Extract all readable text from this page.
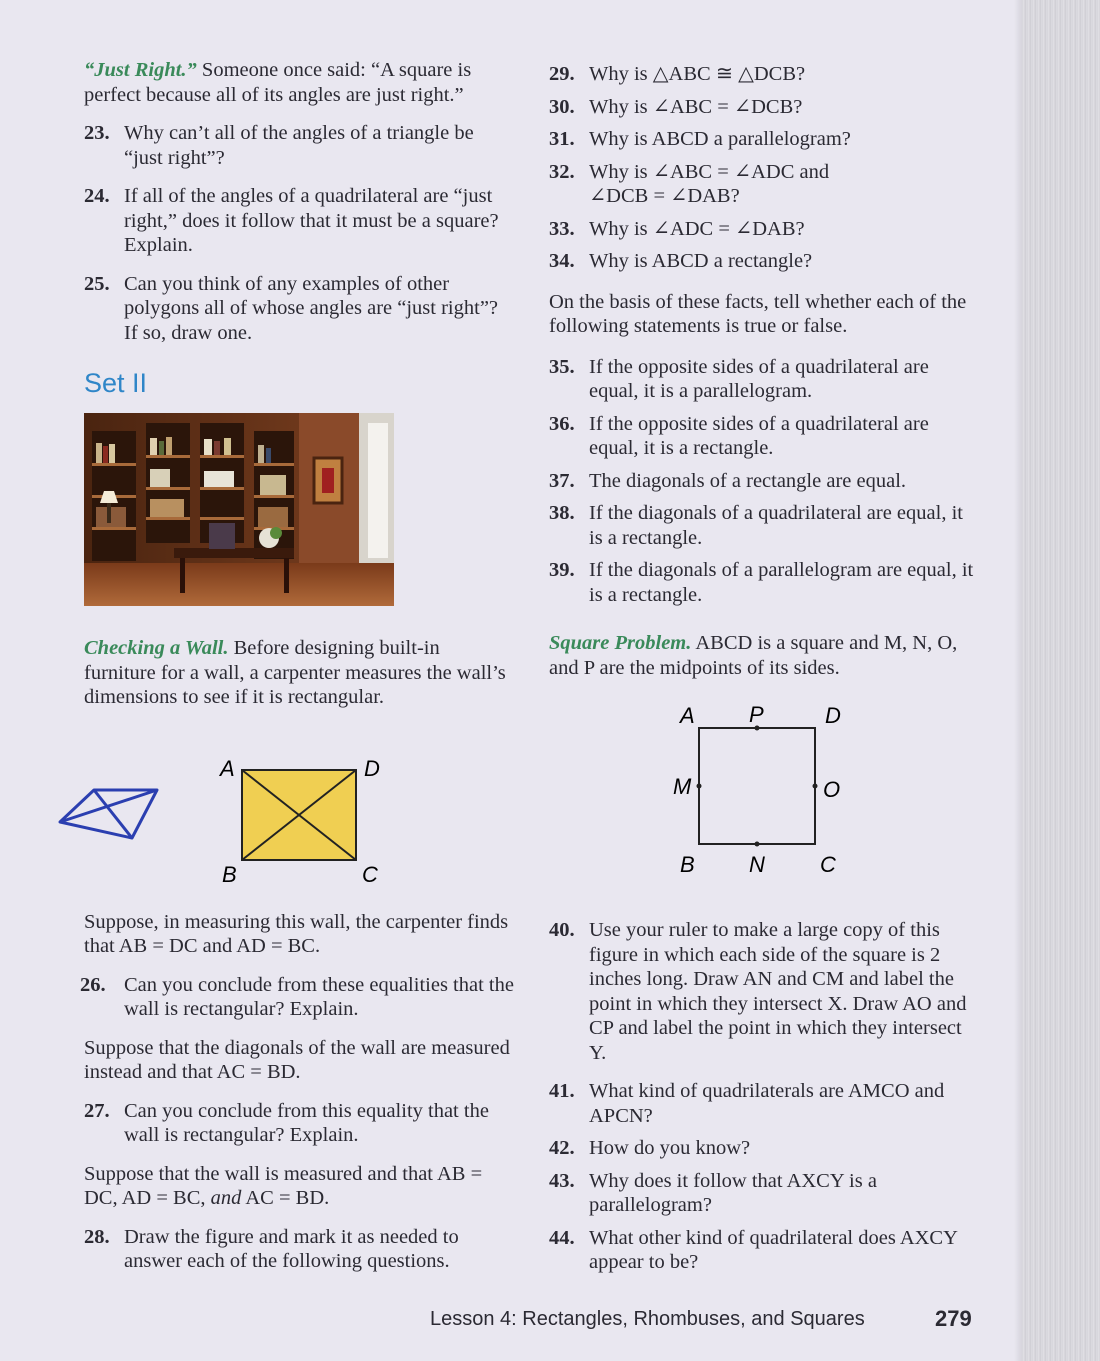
“Just Right.” Someone once said: “A square is perfect because all of its angles are just right.”

23. Why can’t all of the angles of a triangle be “just right”?
24. If all of the angles of a quadrilateral are “just right,” does it follow that it must be a square? Explain.
25. Can you think of any examples of other polygons all of whose angles are “just right”? If so, draw one.
Set II

Checking a Wall. Before designing built-in furniture for a wall, a carpenter measures the wall’s dimensions to see if it is rectangular.

A	D
B	C

Suppose, in measuring this wall, the carpenter finds that AB = DC and AD = BC.

26. Can you conclude from these equalities that the wall is rectangular? Explain.

Suppose that the diagonals of the wall are measured instead and that AC = BD.

27. Can you conclude from this equality that the wall is rectangular? Explain.

Suppose that the wall is measured and that AB = DC, AD = BC, and AC = BD.

28. Draw the figure and mark it as needed to answer each of the following questions.
29. Why is △ABC ≅ △DCB?
30. Why is ∠ABC = ∠DCB?
31. Why is ABCD a parallelogram?
32. Why is ∠ABC = ∠ADC and ∠DCB = ∠DAB?
33. Why is ∠ADC = ∠DAB?
34. Why is ABCD a rectangle?

On the basis of these facts, tell whether each of the following statements is true or false.

35. If the opposite sides of a quadrilateral are equal, it is a parallelogram.
36. If the opposite sides of a quadrilateral are equal, it is a rectangle.
37. The diagonals of a rectangle are equal.
38. If the diagonals of a quadrilateral are equal, it is a rectangle.
39. If the diagonals of a parallelogram are equal, it is a rectangle.

Square Problem. ABCD is a square and M, N, O, and P are the midpoints of its sides.

A P	D
M	O
B N	C
40. Use your ruler to make a large copy of this figure in which each side of the square is 2 inches long. Draw AN and CM and label the point in which they intersect X. Draw AO and CP and label the point in which they intersect Y.
41. What kind of quadrilaterals are AMCO and APCN?
42. How do you know?
43. Why does it follow that AXCY is a parallelogram?
44. What other kind of quadrilateral does AXCY appear to be?
Lesson 4: Rectangles, Rhombuses, and Squares	279
